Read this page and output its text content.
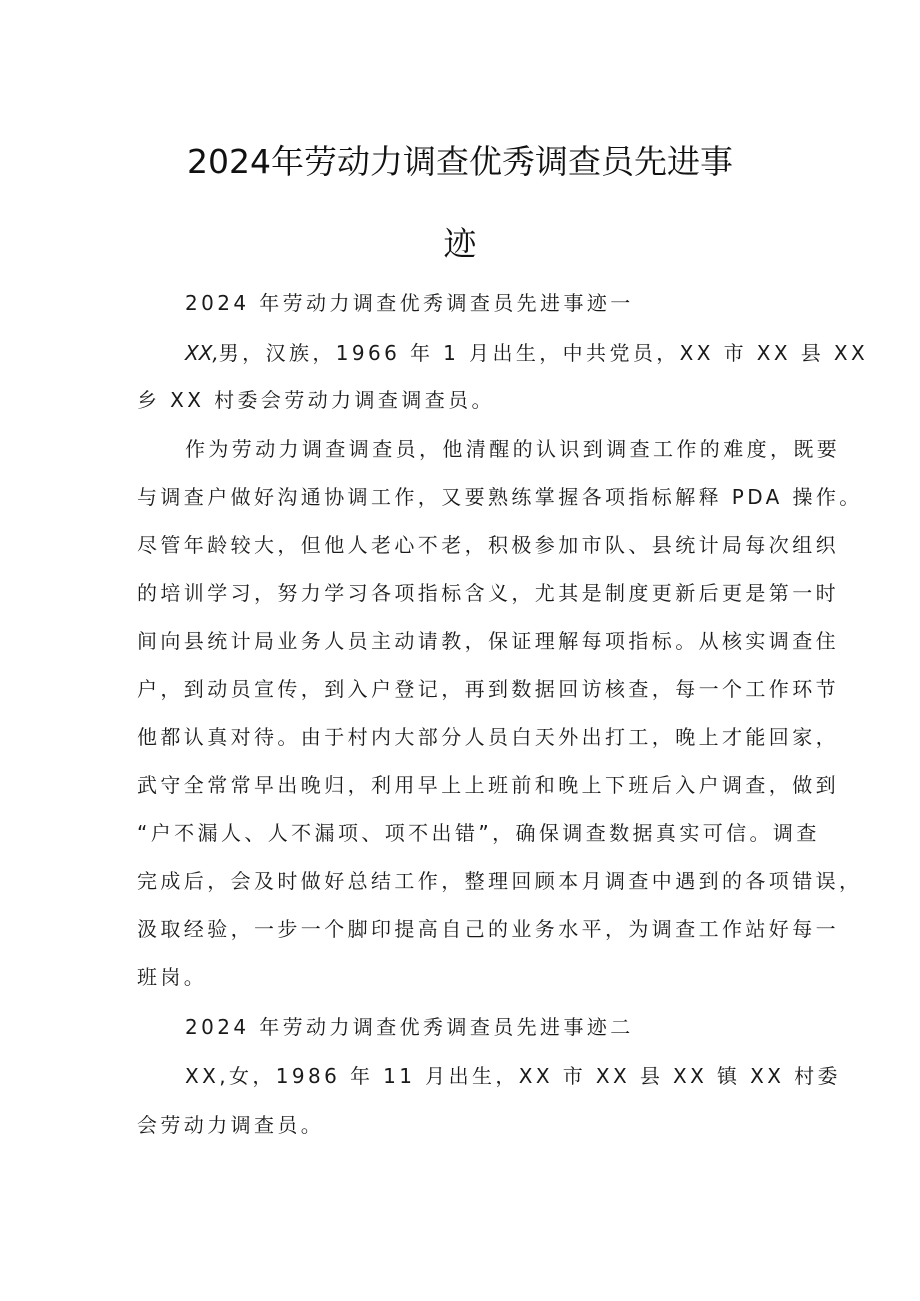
2024年劳动力调查优秀调查员先进事
迹
2024 年劳动力调查优秀调查员先进事迹一
XX,男，汉族，1966 年 1 月出生，中共党员，XX 市 XX 县 XX
乡 XX 村委会劳动力调查调查员。
作为劳动力调查调查员，他清醒的认识到调查工作的难度，既要
与调查户做好沟通协调工作，又要熟练掌握各项指标解释 PDA 操作。
尽管年龄较大，但他人老心不老，积极参加市队、县统计局每次组织
的培训学习，努力学习各项指标含义，尤其是制度更新后更是第一时
间向县统计局业务人员主动请教，保证理解每项指标。从核实调查住
户，到动员宣传，到入户登记，再到数据回访核查，每一个工作环节
他都认真对待。由于村内大部分人员白天外出打工，晚上才能回家，
武守全常常早出晚归，利用早上上班前和晚上下班后入户调查，做到
“户不漏人、人不漏项、项不出错”，确保调查数据真实可信。调查
完成后，会及时做好总结工作，整理回顾本月调查中遇到的各项错误，
汲取经验，一步一个脚印提高自己的业务水平，为调查工作站好每一
班岗。
2024 年劳动力调查优秀调查员先进事迹二
XX,女，1986 年 11 月出生，XX 市 XX 县 XX 镇 XX 村委
会劳动力调查员。
